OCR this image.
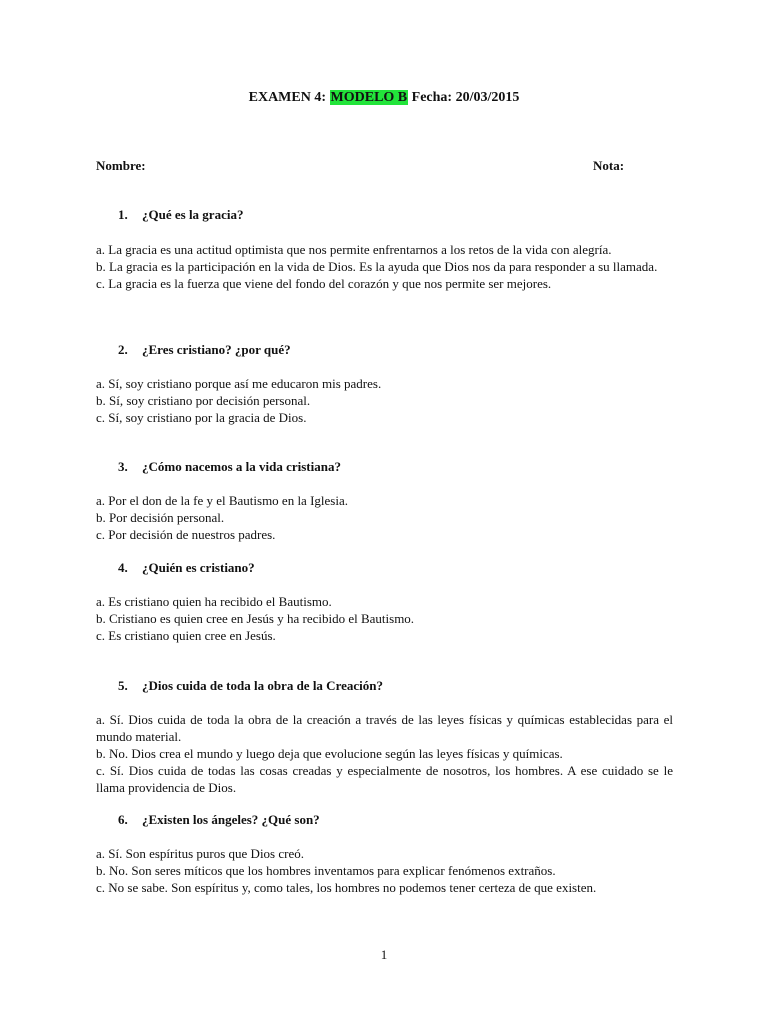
EXAMEN 4: MODELO B Fecha: 20/03/2015
Nombre:	Nota:
1. ¿Qué es la gracia?

a. La gracia es una actitud optimista que nos permite enfrentarnos a los retos de la vida con alegría.

b. La gracia es la participación en la vida de Dios. Es la ayuda que Dios nos da para responder a su llamada.

c. La gracia es la fuerza que viene del fondo del corazón y que nos permite ser mejores.

2. ¿Eres cristiano? ¿por qué?

a. Sí, soy cristiano porque así me educaron mis padres.

b. Sí, soy cristiano por decisión personal.

c. Sí, soy cristiano por la gracia de Dios.

3. ¿Cómo nacemos a la vida cristiana?

a. Por el don de la fe y el Bautismo en la Iglesia.

b. Por decisión personal.

c. Por decisión de nuestros padres.

4. ¿Quién es cristiano?

a. Es cristiano quien ha recibido el Bautismo.

b. Cristiano es quien cree en Jesús y ha recibido el Bautismo.

c. Es cristiano quien cree en Jesús.

5. ¿Dios cuida de toda la obra de la Creación?

a. Sí. Dios cuida de toda la obra de la creación a través de las leyes físicas y químicas establecidas para el mundo material.

b. No. Dios crea el mundo y luego deja que evolucione según las leyes físicas y químicas.

c. Sí. Dios cuida de todas las cosas creadas y especialmente de nosotros, los hombres. A ese cuidado se le llama providencia de Dios.

6. ¿Existen los ángeles? ¿Qué son?

a. Sí. Son espíritus puros que Dios creó.

b. No. Son seres míticos que los hombres inventamos para explicar fenómenos extraños.

c. No se sabe. Son espíritus y, como tales, los hombres no podemos tener certeza de que existen.

1
